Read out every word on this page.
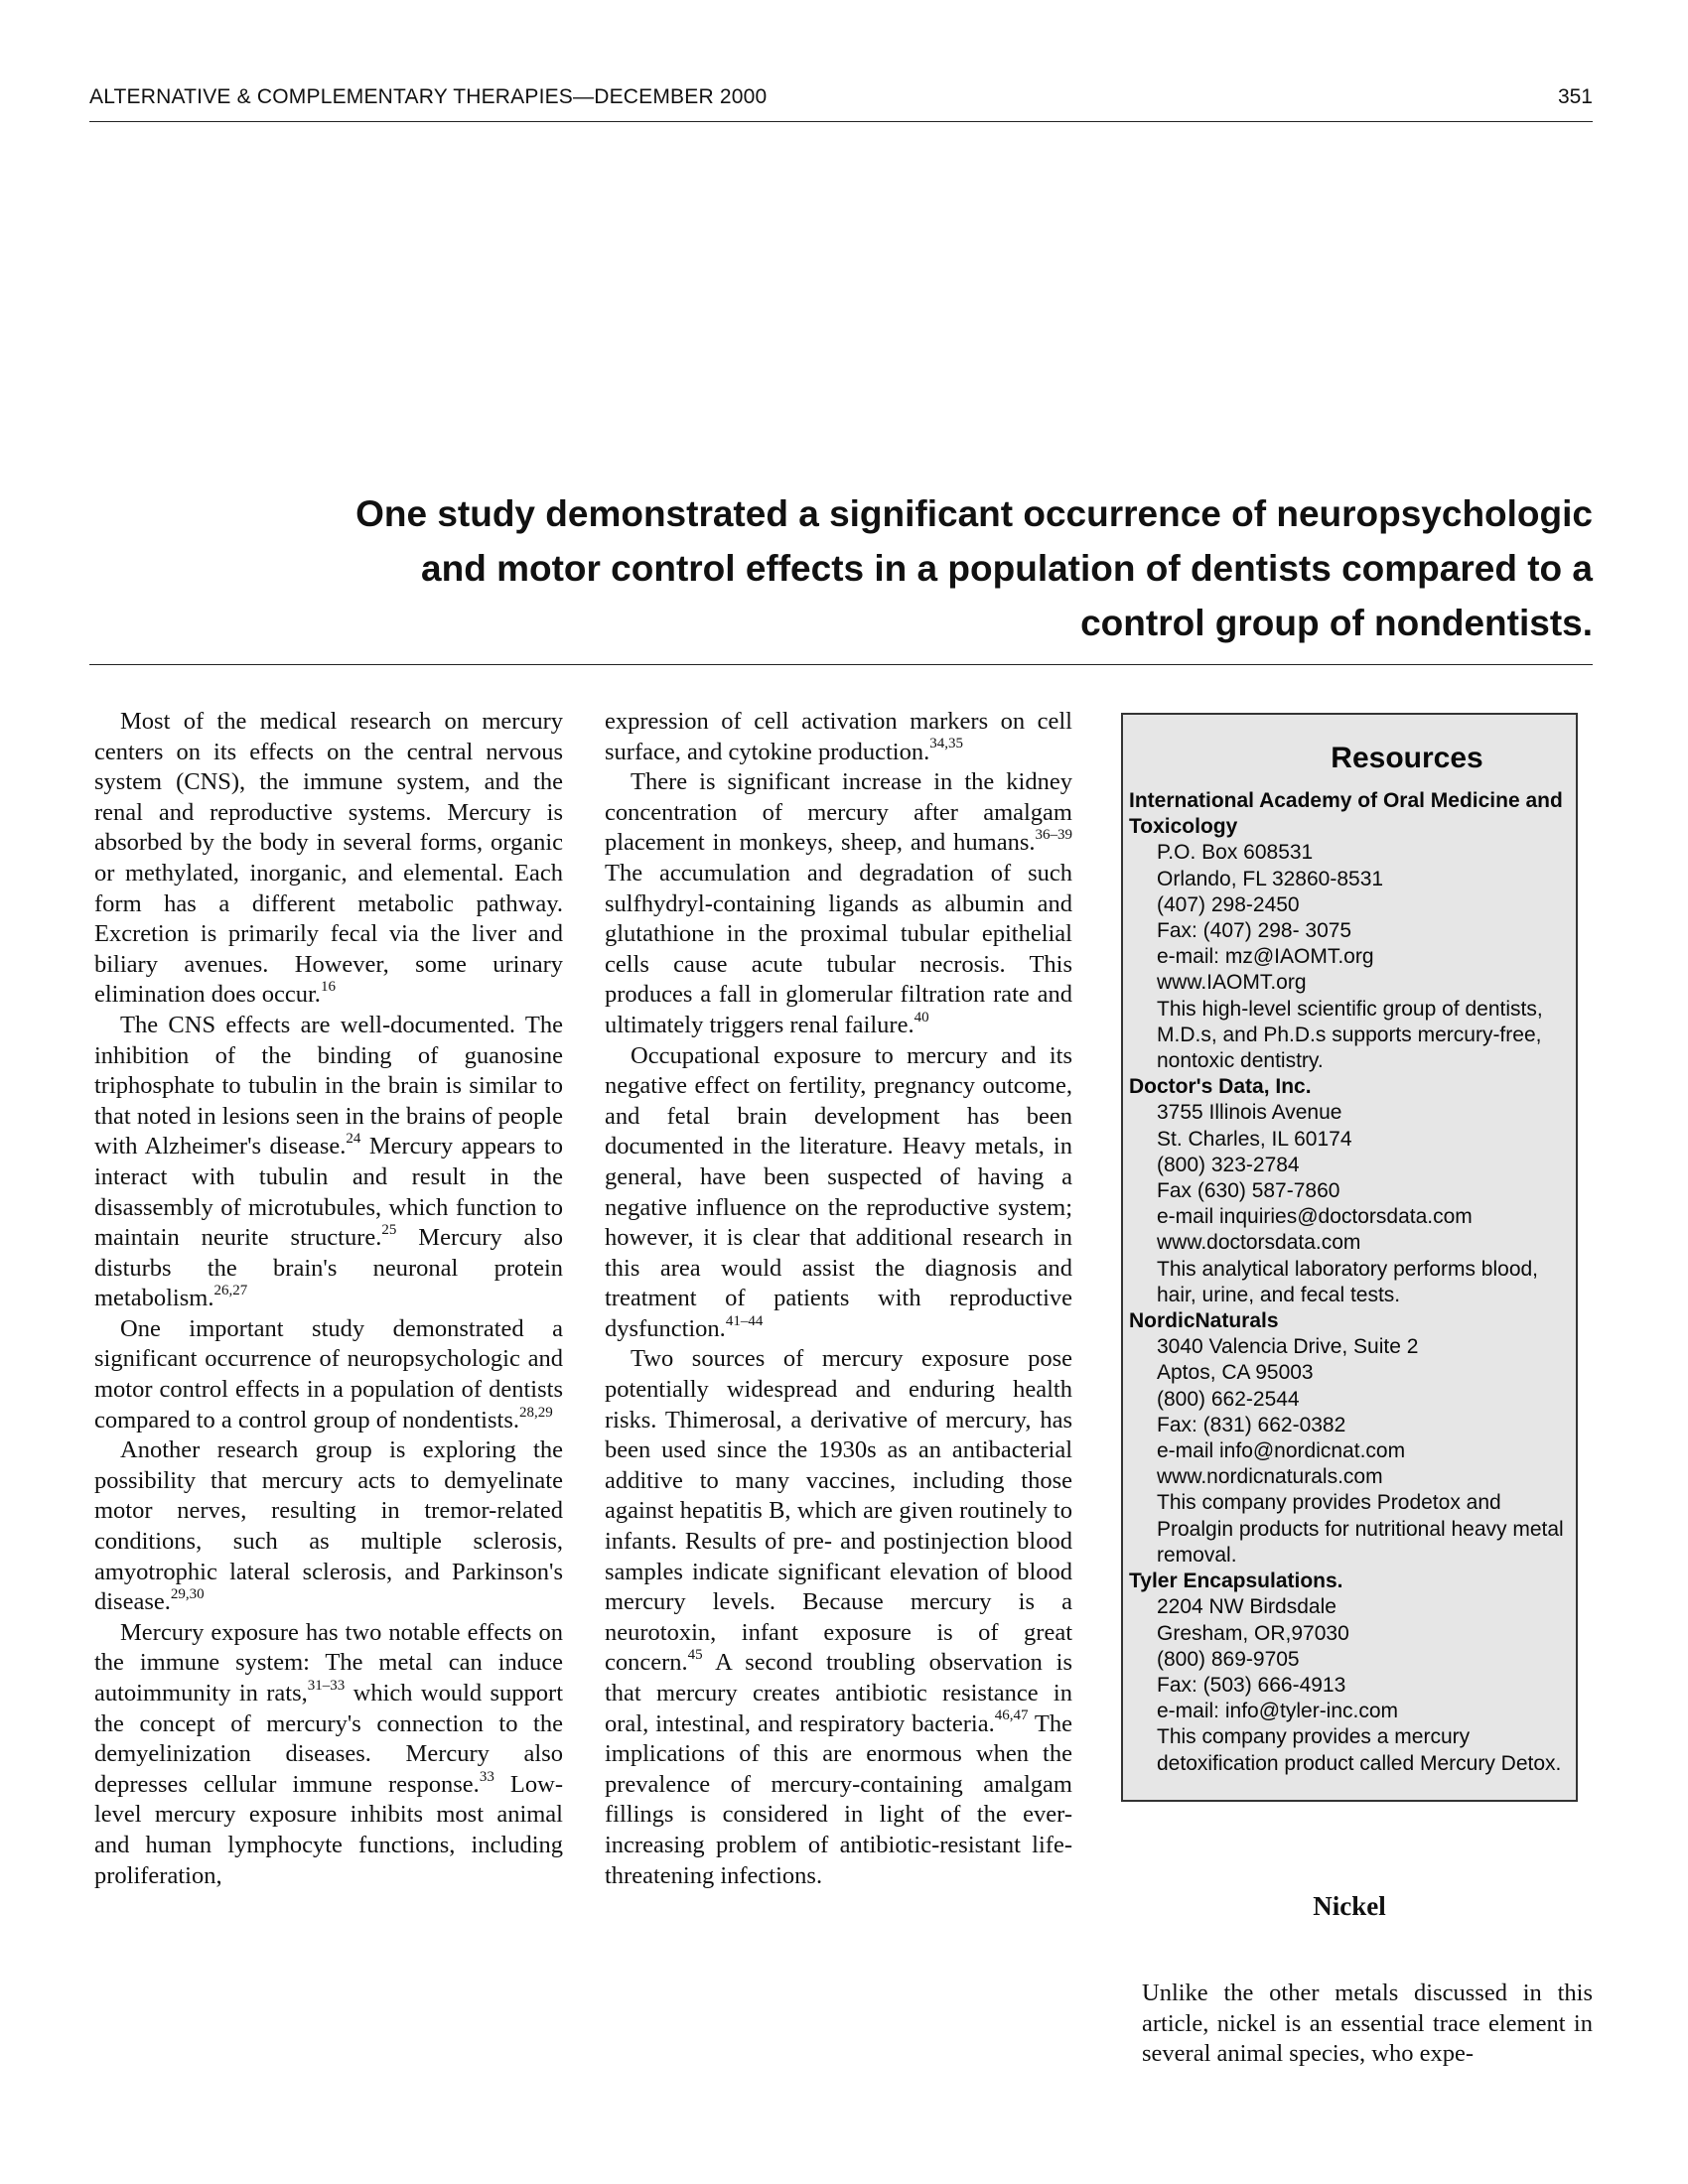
ALTERNATIVE & COMPLEMENTARY THERAPIES—DECEMBER 2000	351
One study demonstrated a significant occurrence of neuropsychologic and motor control effects in a population of dentists compared to a control group of nondentists.

Most of the medical research on mercury centers on its effects on the central nervous system (CNS), the immune system, and the renal and reproductive systems. Mercury is absorbed by the body in several forms, organic or methylated, inorganic, and elemental. Each form has a different metabolic pathway. Excretion is primarily fecal via the liver and biliary avenues. However, some urinary elimination does occur.$^{16}$

The CNS effects are well-documented. The inhibition of the binding of guanosine triphosphate to tubulin in the brain is similar to that noted in lesions seen in the brains of people with Alzheimer's disease.$^{24}$ Mercury appears to interact with tubulin and result in the disassembly of microtubules, which function to maintain neurite structure.$^{25}$ Mercury also disturbs the brain's neuronal protein metabolism.$^{26,27}$

One important study demonstrated a significant occurrence of neuropsychologic and motor control effects in a population of dentists compared to a control group of nondentists.$^{28,29}$

Another research group is exploring the possibility that mercury acts to demyelinate motor nerves, resulting in tremor-related conditions, such as multiple sclerosis, amyotrophic lateral sclerosis, and Parkinson's disease.$^{29,30}$

Mercury exposure has two notable effects on the immune system: The metal can induce autoimmunity in rats,$^{31-33}$ which would support the concept of mercury's connection to the demyelinization diseases. Mercury also depresses cellular immune response.$^{33}$ Low-level mercury exposure inhibits most animal and human lymphocyte functions, including proliferation,

expression of cell activation markers on cell surface, and cytokine production.$^{34,35}$

There is significant increase in the kidney concentration of mercury after amalgam placement in monkeys, sheep, and humans.$^{36-39}$ The accumulation and degradation of such sulfhydryl-containing ligands as albumin and glutathione in the proximal tubular epithelial cells cause acute tubular necrosis. This produces a fall in glomerular filtration rate and ultimately triggers renal failure.$^{40}$

Occupational exposure to mercury and its negative effect on fertility, pregnancy outcome, and fetal brain development has been documented in the literature. Heavy metals, in general, have been suspected of having a negative influence on the reproductive system; however, it is clear that additional research in this area would assist the diagnosis and treatment of patients with reproductive dysfunction.$^{41-44}$

Two sources of mercury exposure pose potentially widespread and enduring health risks. Thimerosal, a derivative of mercury, has been used since the 1930s as an antibacterial additive to many vaccines, including those against hepatitis B, which are given routinely to infants. Results of pre- and postinjection blood samples indicate significant elevation of blood mercury levels. Because mercury is a neurotoxin, infant exposure is of great concern.$^{45}$ A second troubling observation is that mercury creates antibiotic resistance in oral, intestinal, and respiratory bacteria.$^{46,47}$ The implications of this are enormous when the prevalence of mercury-containing amalgam fillings is considered in light of the ever-increasing problem of antibiotic-resistant life-threatening infections.

Resources
International Academy of Oral Medicine and Toxicology
P.O. Box 608531
Orlando, FL 32860-8531
(407) 298-2450
Fax: (407) 298- 3075
e-mail: mz@IAOMT.org
www.IAOMT.org
This high-level scientific group of dentists, M.D.s, and Ph.D.s supports mercury-free, nontoxic dentistry.
Doctor's Data, Inc.
3755 Illinois Avenue
St. Charles, IL 60174
(800) 323-2784
Fax (630) 587-7860
e-mail inquiries@doctorsdata.com
www.doctorsdata.com
This analytical laboratory performs blood, hair, urine, and fecal tests.
NordicNaturals
3040 Valencia Drive, Suite 2
Aptos, CA 95003
(800) 662-2544
Fax: (831) 662-0382
e-mail info@nordicnat.com
www.nordicnaturals.com
This company provides Prodetox and Proalgin products for nutritional heavy metal removal.
Tyler Encapsulations.
2204 NW Birdsdale
Gresham, OR,97030
(800) 869-9705
Fax: (503) 666-4913
e-mail: info@tyler-inc.com
This company provides a mercury detoxification product called Mercury Detox.
Nickel

Unlike the other metals discussed in this article, nickel is an essential trace element in several animal species, who expe-
